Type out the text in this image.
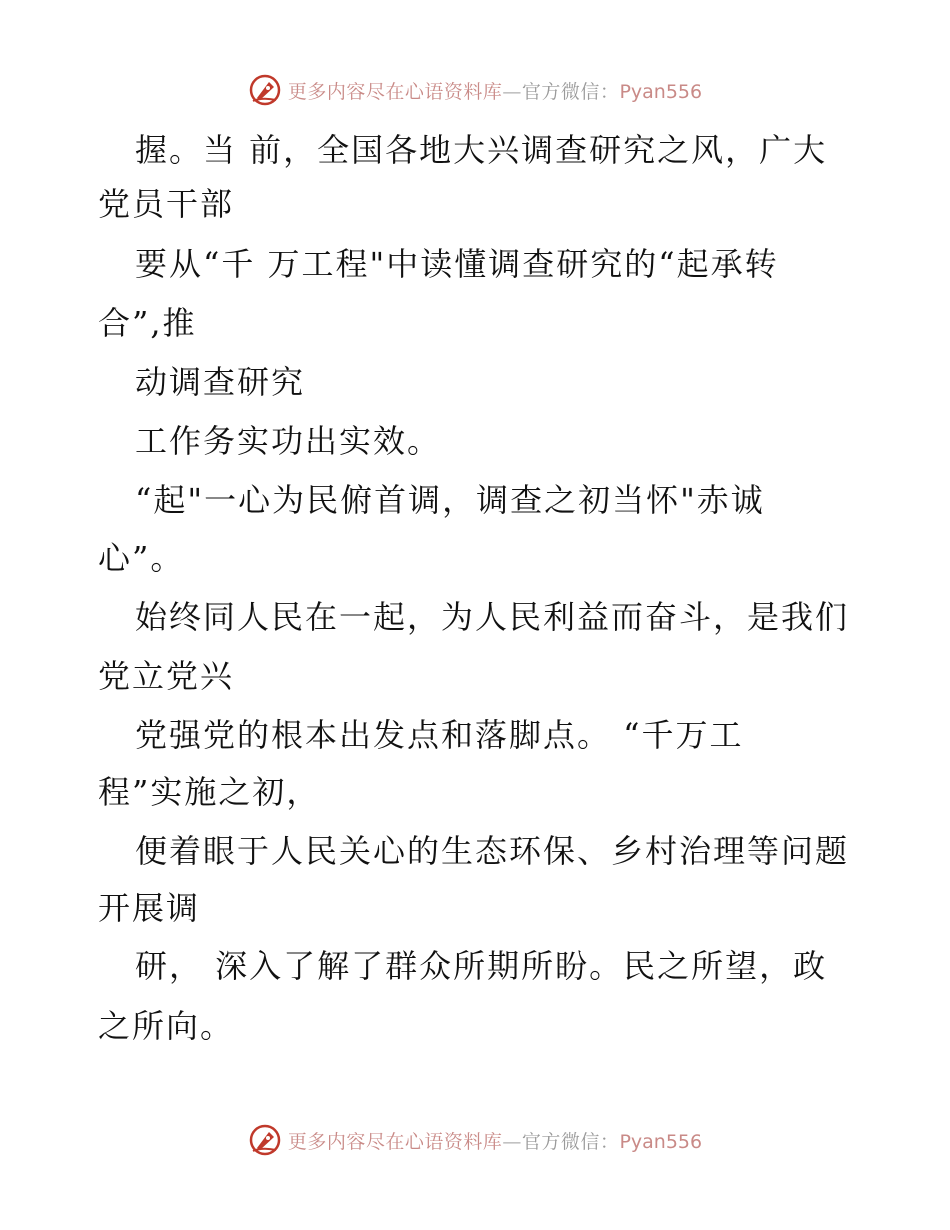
更多内容尽在心语资料库—官方微信：Pyan556
握。当 前，全国各地大兴调查研究之风，广大
党员干部
要从“千 万工程"中读懂调查研究的“起承转
合”,推
动调查研究
工作务实功出实效。
“起"一心为民俯首调，调查之初当怀"赤诚
心”。
始终同人民在一起，为人民利益而奋斗，是我们
党立党兴
党强党的根本出发点和落脚点。 “千万工
程”实施之初，
便着眼于人民关心的生态环保、乡村治理等问题
开展调
研， 深入了解了群众所期所盼。民之所望，政
之所向。
更多内容尽在心语资料库—官方微信：Pyan556
